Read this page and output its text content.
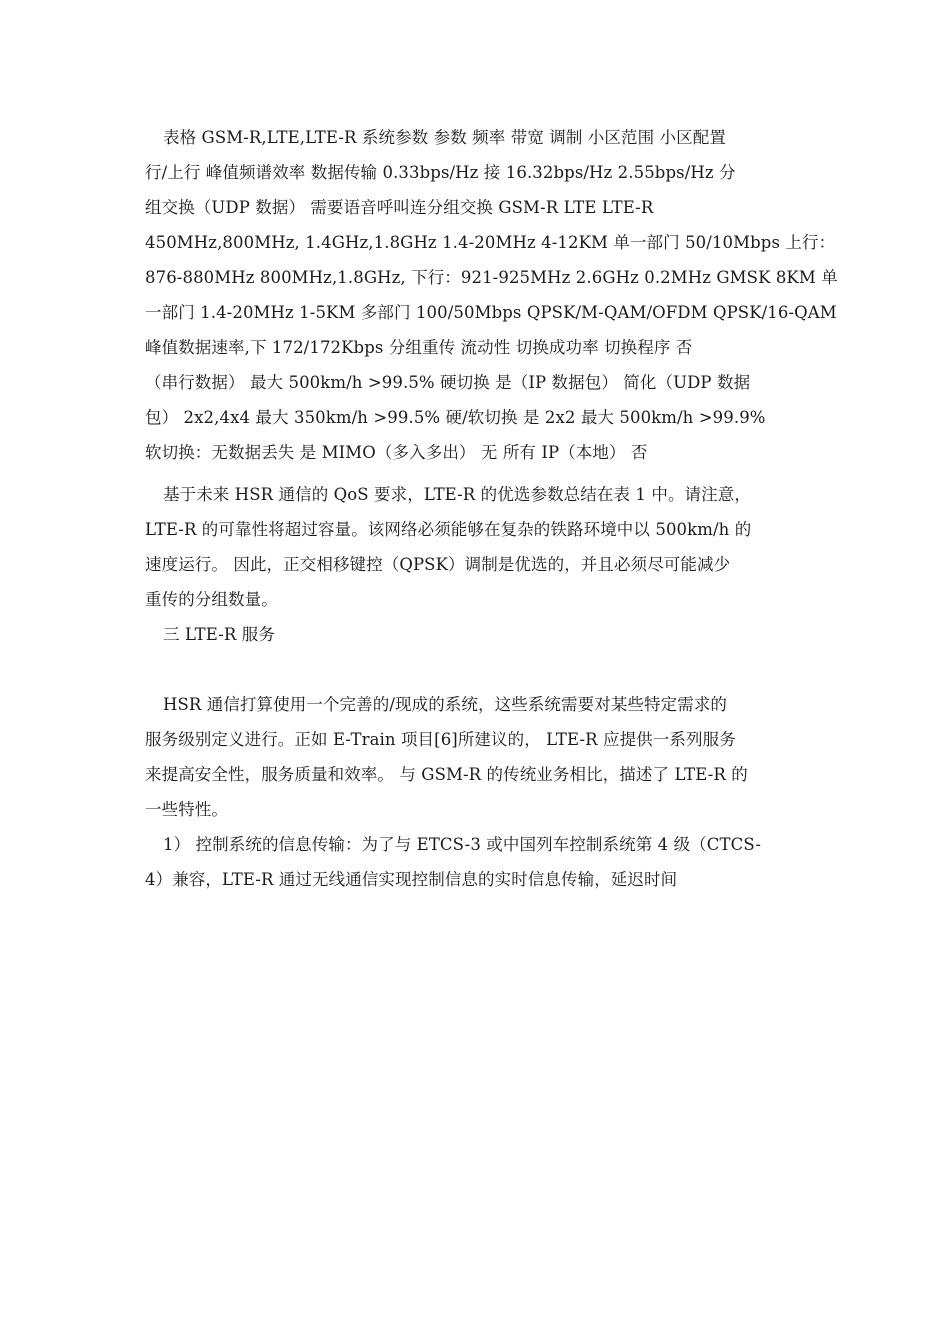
表格 GSM-R,LTE,LTE-R 系统参数 参数 频率 带宽 调制 小区范围 小区配置
行/上行 峰值频谱效率 数据传输 0.33bps/Hz 接 16.32bps/Hz 2.55bps/Hz 分
组交换（UDP 数据） 需要语音呼叫连分组交换 GSM-R LTE LTE-R
450MHz,800MHz, 1.4GHz,1.8GHz 1.4-20MHz 4-12KM 单一部门 50/10Mbps 上行：
876-880MHz 800MHz,1.8GHz, 下行：921-925MHz 2.6GHz 0.2MHz GMSK 8KM 单
一部门 1.4-20MHz 1-5KM 多部门 100/50Mbps QPSK/M-QAM/OFDM QPSK/16-QAM
峰值数据速率,下 172/172Kbps 分组重传 流动性 切换成功率 切换程序 否
（串行数据） 最大 500km/h >99.5% 硬切换 是（IP 数据包） 简化（UDP 数据
包） 2x2,4x4 最大 350km/h >99.5% 硬/软切换 是 2x2 最大 500km/h >99.9%
软切换：无数据丢失 是 MIMO（多入多出） 无 所有 IP（本地） 否
基于未来 HSR 通信的 QoS 要求，LTE-R 的优选参数总结在表 1 中。请注意，
LTE-R 的可靠性将超过容量。该网络必须能够在复杂的铁路环境中以 500km/h 的
速度运行。 因此，正交相移键控（QPSK）调制是优选的，并且必须尽可能减少
重传的分组数量。
三 LTE-R 服务
HSR 通信打算使用一个完善的/现成的系统，这些系统需要对某些特定需求的
服务级别定义进行。正如 E-Train 项目[6]所建议的， LTE-R 应提供一系列服务
来提高安全性，服务质量和效率。 与 GSM-R 的传统业务相比，描述了 LTE-R 的
一些特性。
1） 控制系统的信息传输：为了与 ETCS-3 或中国列车控制系统第 4 级（CTCS-
4）兼容，LTE-R 通过无线通信实现控制信息的实时信息传输，延迟时间
